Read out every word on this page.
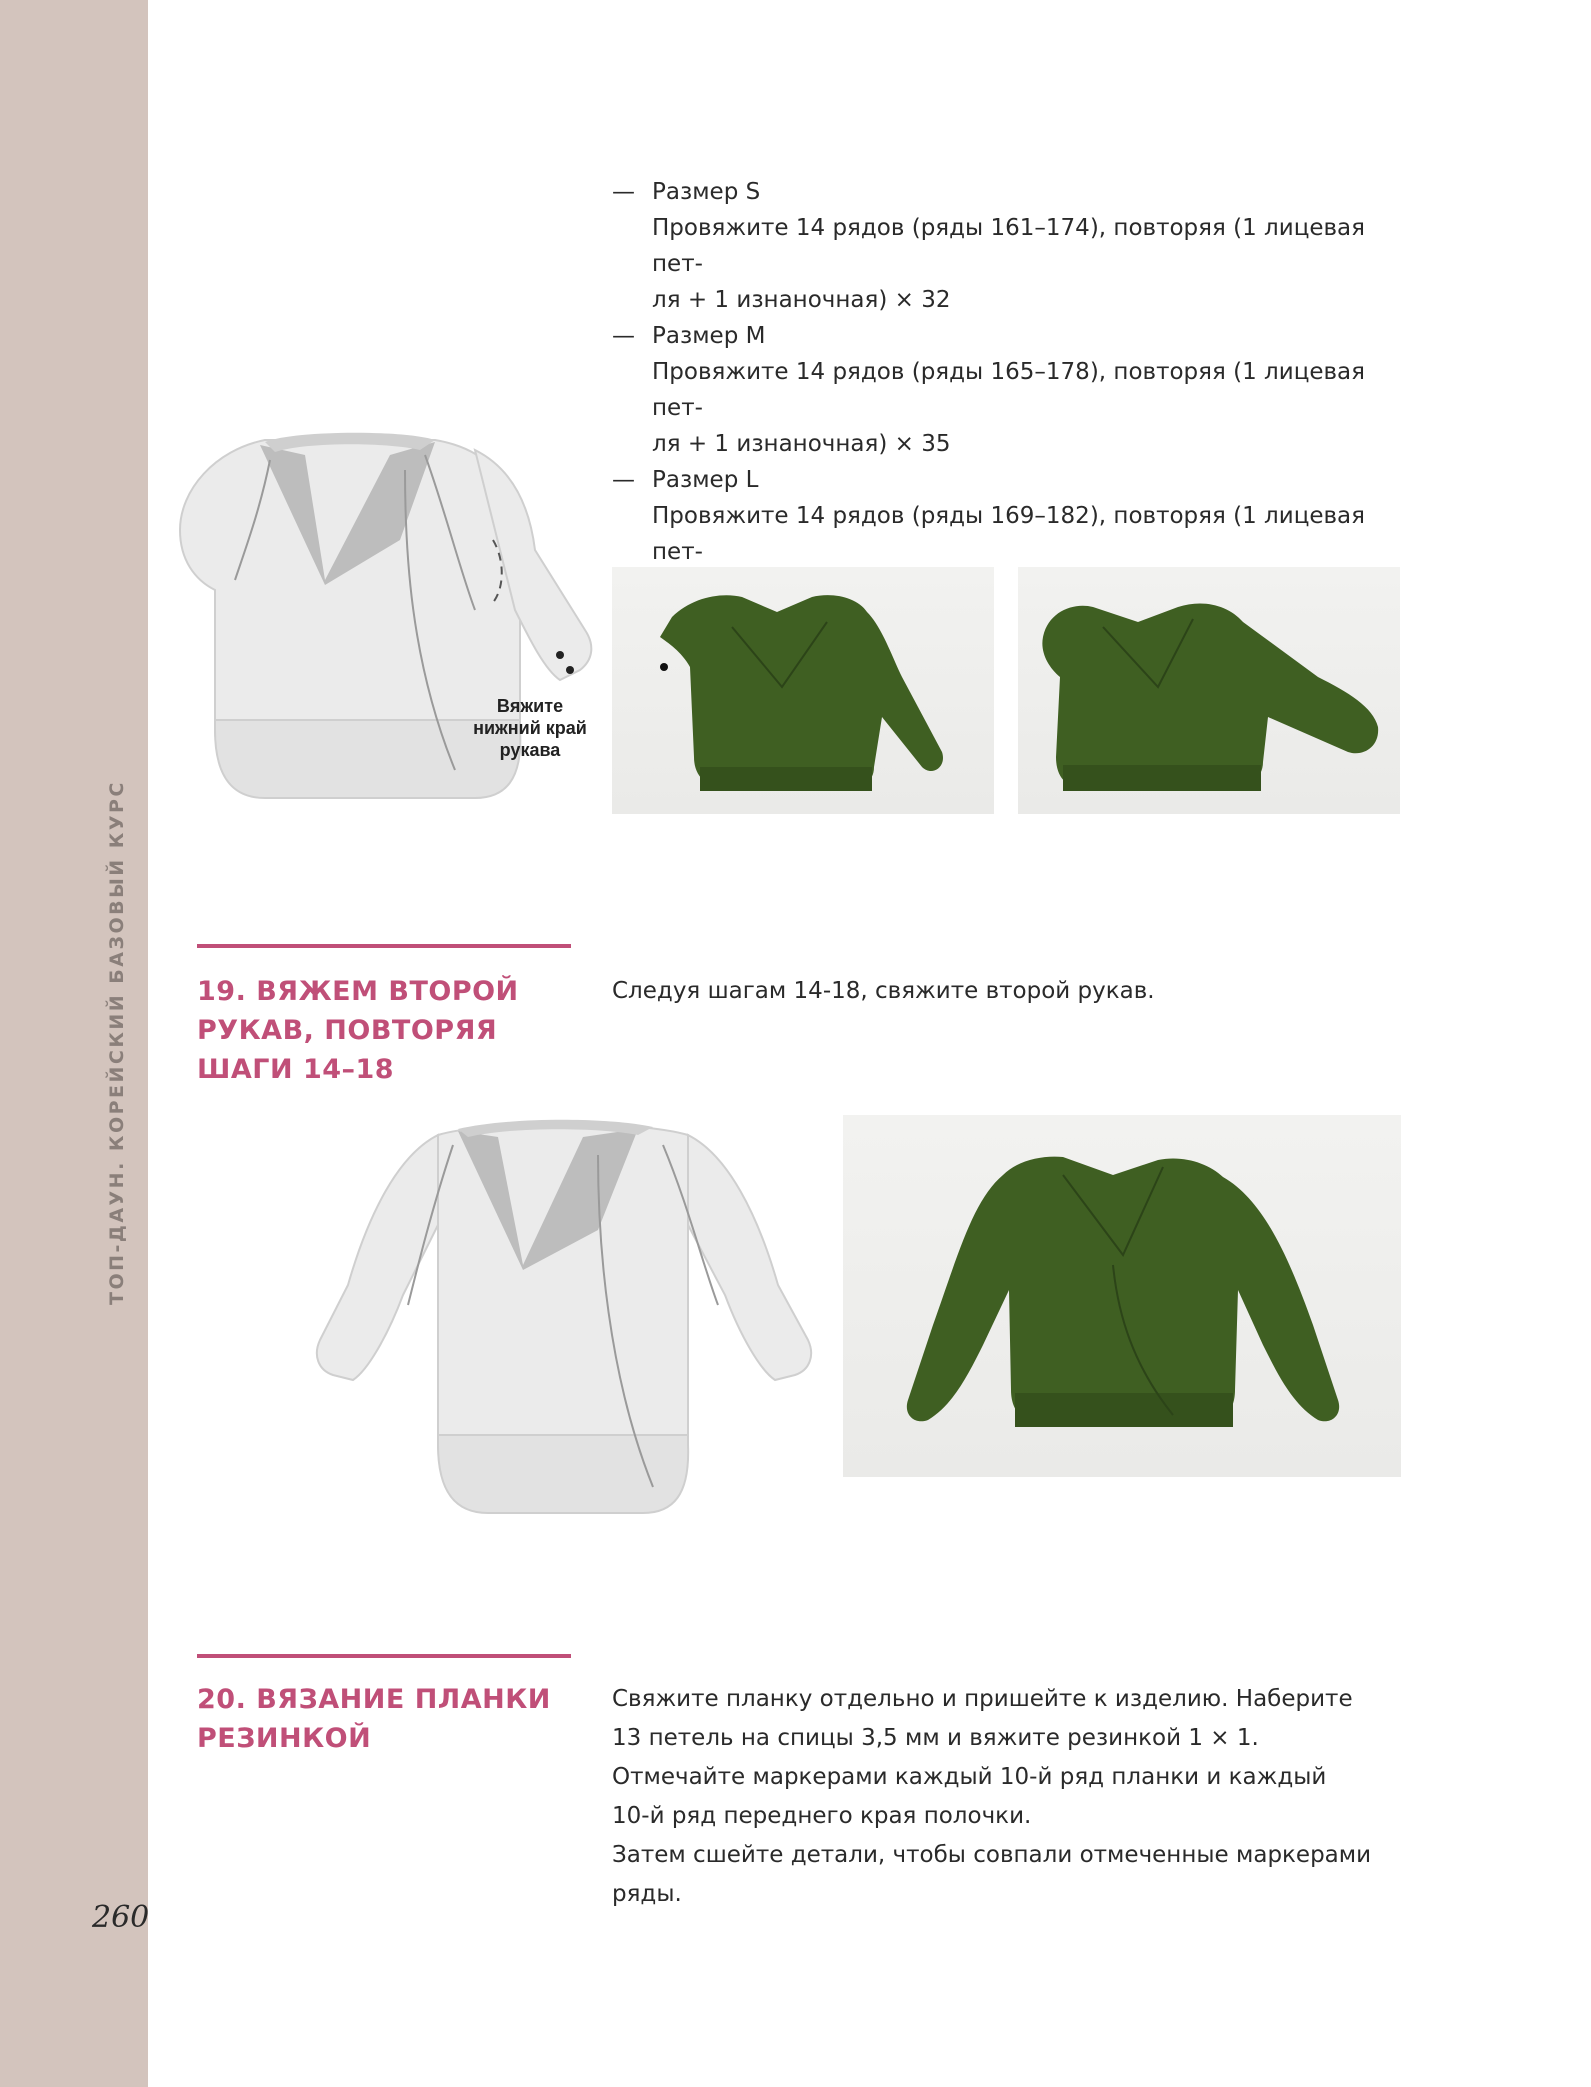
ТОП-ДАУН. КОРЕЙСКИЙ БАЗОВЫЙ КУРС
260
— Размер S
Провяжите 14 рядов (ряды 161–174), повторяя (1 лицевая пет-
ля + 1 изнаночная) × 32
— Размер M
Провяжите 14 рядов (ряды 165–178), повторяя (1 лицевая пет-
ля + 1 изнаночная) × 35
— Размер L
Провяжите 14 рядов (ряды 169–182), повторяя (1 лицевая пет-
Вяжите
нижний край
рукава
19. ВЯЖЕМ ВТОРОЙ
РУКАВ, ПОВТОРЯЯ
ШАГИ 14–18
Следуя шагам 14-18, свяжите второй рукав.
20. ВЯЗАНИЕ ПЛАНКИ
РЕЗИНКОЙ
Свяжите планку отдельно и пришейте к изделию. Наберите
13 петель на спицы 3,5 мм и вяжите резинкой 1 × 1.
Отмечайте маркерами каждый 10-й ряд планки и каждый
10-й ряд переднего края полочки.
Затем сшейте детали, чтобы совпали отмеченные маркерами
ряды.
